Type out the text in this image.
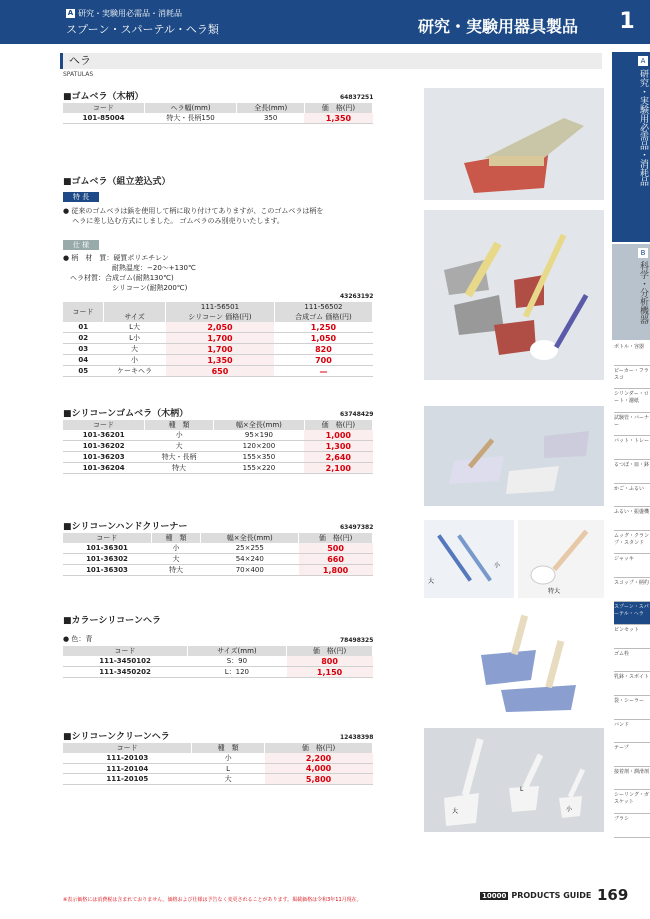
A 研究・実験用必需品・消耗品
スプーン・スパーテル・ヘラ類	研究・実験用器具製品	1
ヘラ
SPATULAS
■ゴムベラ（木柄）	64837251
コード	ヘラ幅(mm)	全長(mm)	価　格(円)
101-85004	特大・長柄150	350	1,350
■ゴムベラ（組立差込式）
特 長
● 従来のゴムベラは鋲を使用して柄に取り付けてありますが、このゴムベラは柄を
　 ヘラに差し込む方式にしました。 ゴムベラのみ別売りいたします。
仕 様
● 柄　材　質：硬質ポリエチレン
　　　　　　　耐熱温度：−20〜+130℃
　ヘラ材質：合成ゴム(耐熱130℃)
　　　　　　　シリコーン(耐熱200℃)
43263192
コード		111-56501	111-56502
	サイズ	シリコーン 価格(円)	合成ゴム 価格(円)
01	L大	2,050	1,250
02	L小	1,700	1,050
03	大	1,700	820
04	小	1,350	700
05	ケーキヘラ	650	—
■シリコーンゴムベラ（木柄）	63748429
コード	種　類	幅×全長(mm)	価　格(円)
101-36201	小	95×190	1,000
101-36202	大	120×200	1,300
101-36203	特大・長柄	155×350	2,640
101-36204	特大	155×220	2,100
■シリコーンハンドクリーナー	63497382
コード	種　類	幅×全長(mm)	価　格(円)
101-36301	小	25×255	500
101-36302	大	54×240	660
101-36303	特大	70×400	1,800
大
小
特大
■カラーシリコーンヘラ
● 色：青	78498325
コード	サイズ(mm)	価　格(円)
111-3450102	S：90	800
111-3450202	L：120	1,150
■シリコーンクリーンヘラ	12438398
コード	種　類	価　格(円)
111-20103	小	2,200
111-20104	L	4,000
111-20105	大	5,800
大
L
小
A研究・実験用必需品・消耗品
B科学・分析機器
ボトル・容器
ビーカー・フラスコ
シリンダー・ロート・濾紙
試験管・バーナー
バット・トレー
るつぼ・皿・鉢
かご・ふるい
ふるい・振盪機
ムッグ・クランプ・スタンド
ジャッキ
スコップ・柄杓
スプーン・スパーテル・ヘラ
ピンセット
ゴム栓
乳鉢・スポイト
袋・シーラー
バンド
テープ
接着剤・潤滑剤
シーリング・ガスケット
ブラシ
※表示価格には消費税は含まれておりません。価格および仕様は予告なく変更されることがあります。掲載価格は令和3年11月現在。
10000 PRODUCTS GUIDE 169
